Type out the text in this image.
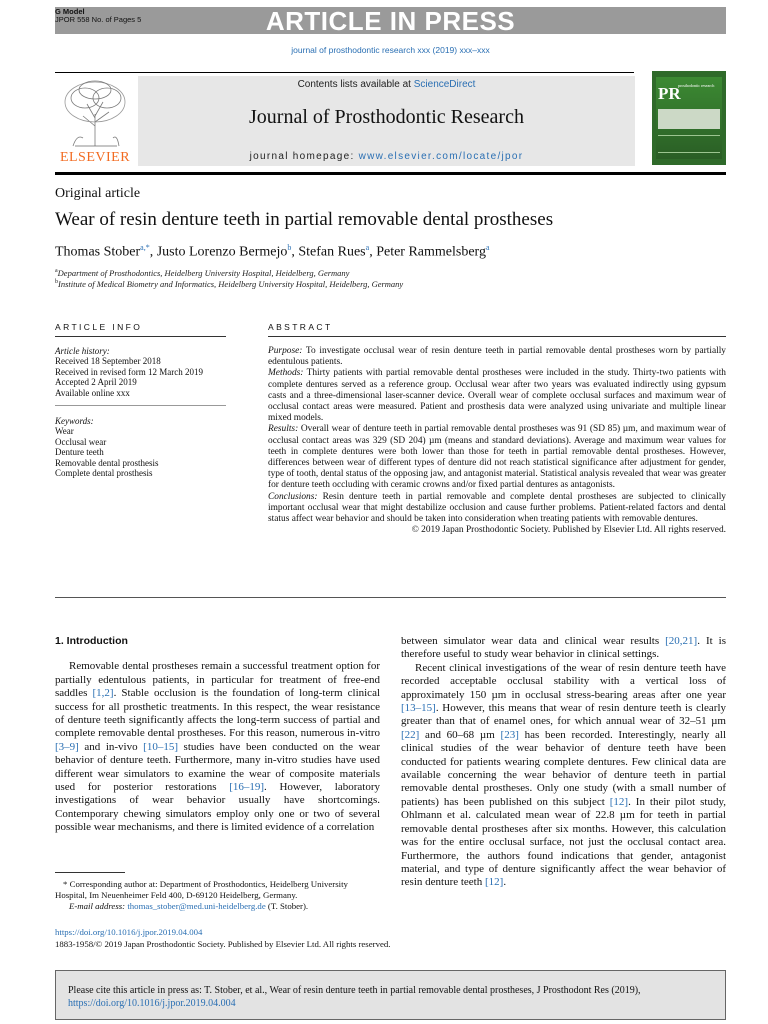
G Model
JPOR 558 No. of Pages 5	ARTICLE IN PRESS
journal of prosthodontic research xxx (2019) xxx–xxx
ELSEVIER
Contents lists available at ScienceDirect
Journal of Prosthodontic Research
journal homepage: www.elsevier.com/locate/jpor
PR
prosthodontic research
Original article
Wear of resin denture teeth in partial removable dental prostheses
Thomas Stober$^{a,*}$, Justo Lorenzo Bermejo$^b$, Stefan Rues$^a$, Peter Rammelsberg$^a$
$^a$Department of Prosthodontics, Heidelberg University Hospital, Heidelberg, Germany
$^b$Institute of Medical Biometry and Informatics, Heidelberg University Hospital, Heidelberg, Germany
ARTICLE INFO
Article history:
Received 18 September 2018
Received in revised form 12 March 2019
Accepted 2 April 2019
Available online xxx
Keywords:
Wear
Occlusal wear
Denture teeth
Removable dental prosthesis
Complete dental prosthesis
ABSTRACT

Purpose: To investigate occlusal wear of resin denture teeth in partial removable dental prostheses worn by partially edentulous patients.

Methods: Thirty patients with partial removable dental prostheses were included in the study. Thirty-two patients with complete dentures served as a reference group. Occlusal wear after two years was evaluated indirectly using gypsum casts and a three-dimensional laser-scanner device. Overall wear of complete occlusal surfaces and maximum wear of occlusal contact areas were measured. Patient and prosthesis data were analyzed using univariate and multiple linear mixed models.

Results: Overall wear of denture teeth in partial removable dental prostheses was 91 (SD 85) µm, and maximum wear of occlusal contact areas was 329 (SD 204) µm (means and standard deviations). Average and maximum wear values for teeth in complete dentures were both lower than those for teeth in partial removable dental prostheses. However, differences between wear of different types of denture did not reach statistical significance after adjustment for gender, type of tooth, dental status of the opposing jaw, and antagonist material. Statistical analysis revealed that wear was greater for denture teeth occluding with ceramic crowns and/or fixed partial dentures as antagonists.

Conclusions: Resin denture teeth in partial removable and complete dental prostheses are subjected to clinically important occlusal wear that might destabilize occlusion and cause further problems. Patient-related factors and dental status affect wear behavior and should be taken into consideration when treating patients with removable dentures.

© 2019 Japan Prosthodontic Society. Published by Elsevier Ltd. All rights reserved.

1. Introduction

Removable dental prostheses remain a successful treatment option for partially edentulous patients, in particular for treatment of free-end saddles [1,2]. Stable occlusion is the foundation of long-term clinical success for all prosthetic treatments. In this respect, the wear resistance of denture teeth significantly affects the long-term success of partial and complete removable dental prostheses. For this reason, numerous in-vitro [3–9] and in-vivo [10–15] studies have been conducted on the wear behavior of denture teeth. Furthermore, many in-vitro studies have used different wear simulators to examine the wear of composite materials used for posterior restorations [16–19]. However, laboratory investigations of wear behavior usually have shortcomings. Contemporary chewing simulators employ only one or two of several possible wear mechanisms, and there is limited evidence of a correlation

between simulator wear data and clinical wear results [20,21]. It is therefore useful to study wear behavior in clinical settings.

Recent clinical investigations of the wear of resin denture teeth have recorded acceptable occlusal stability with a vertical loss of approximately 150 µm in occlusal stress-bearing areas after one year [13–15]. However, this means that wear of resin denture teeth is clearly greater than that of enamel ones, for which annual wear of 32–51 µm [22] and 60–68 µm [23] has been recorded. Interestingly, nearly all clinical studies of the wear behavior of denture teeth have been conducted for patients wearing complete dentures. Few clinical data are available concerning the wear behavior of denture teeth in partial removable dental prostheses. Only one study (with a small number of patients) has been published on this subject [12]. In their pilot study, Ohlmann et al. calculated mean wear of 22.8 µm for teeth in partial removable dental prostheses after six months. However, this calculation was for the entire occlusal surface, not just the occlusal contact area. Furthermore, the authors found indications that gender, antagonist material, and type of denture significantly affect the wear behavior of resin denture teeth [12].

* Corresponding author at: Department of Prosthodontics, Heidelberg University Hospital, Im Neuenheimer Feld 400, D-69120 Heidelberg, Germany.
E-mail address: thomas_stober@med.uni-heidelberg.de (T. Stober).
https://doi.org/10.1016/j.jpor.2019.04.004
1883-1958/© 2019 Japan Prosthodontic Society. Published by Elsevier Ltd. All rights reserved.
Please cite this article in press as: T. Stober, et al., Wear of resin denture teeth in partial removable dental prostheses, J Prosthodont Res (2019),
https://doi.org/10.1016/j.jpor.2019.04.004
